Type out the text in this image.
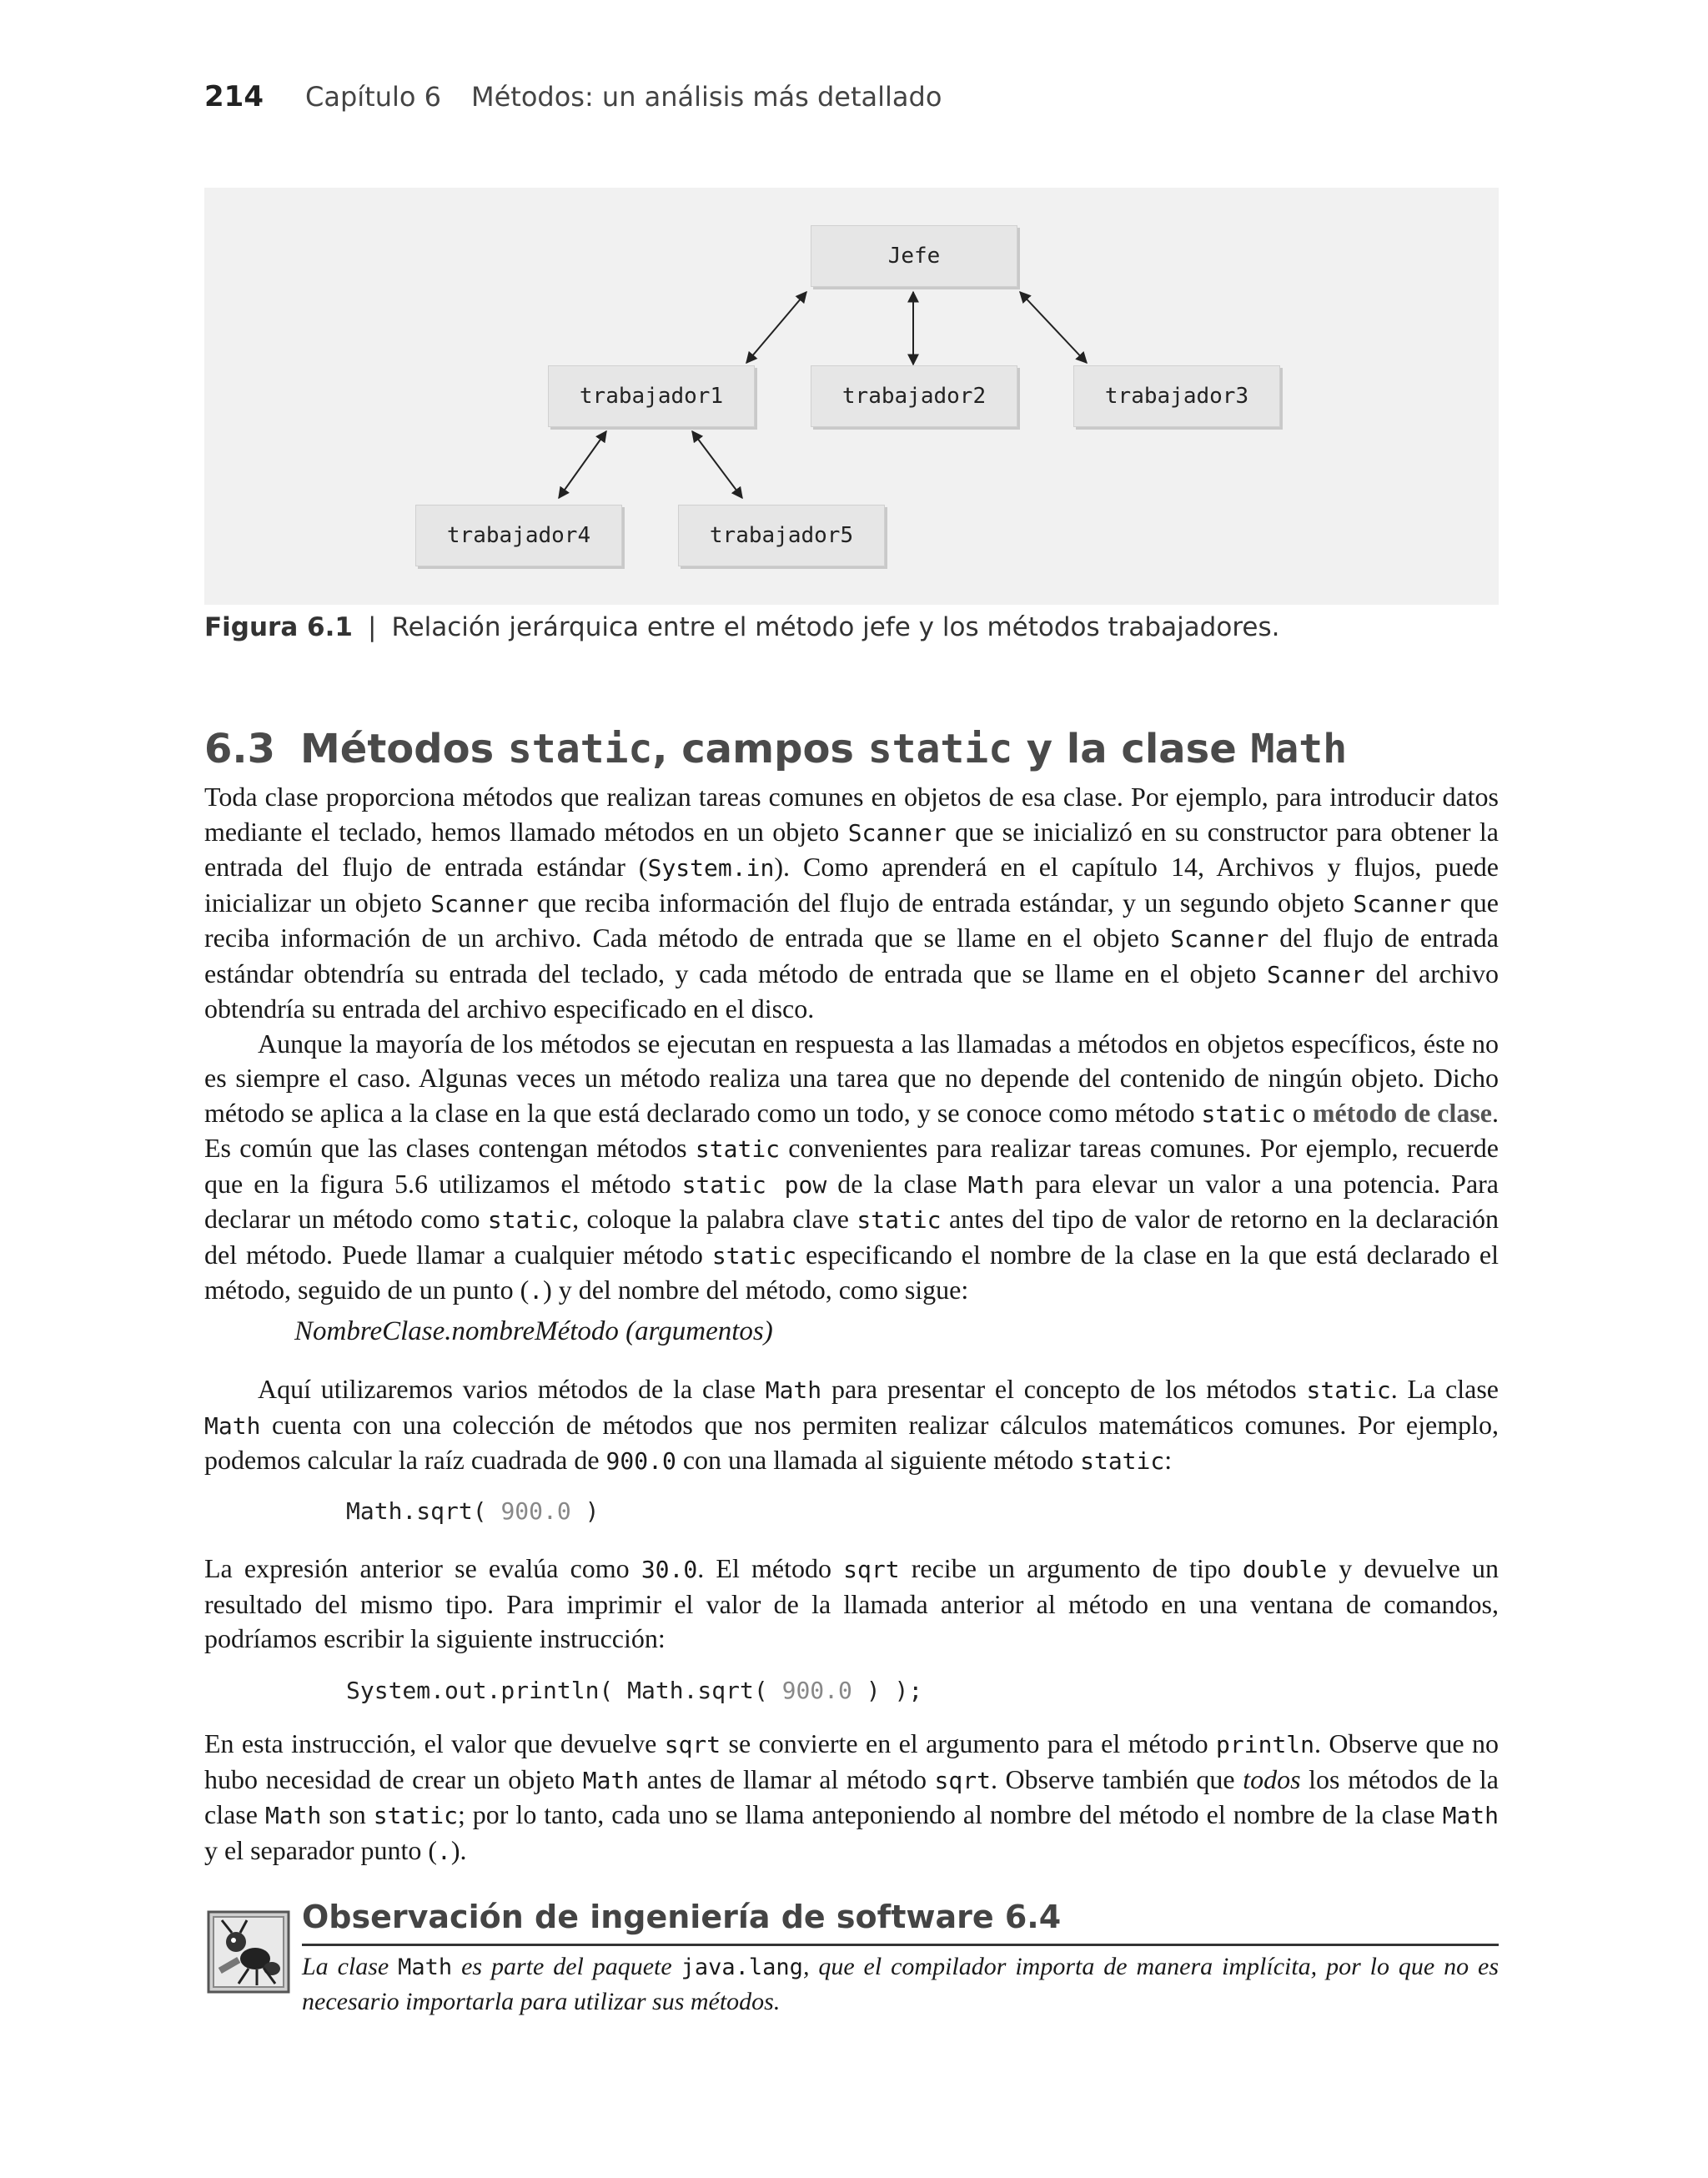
214 Capítulo 6 Métodos: un análisis más detallado
Jefe
trabajador1	trabajador2	trabajador3
trabajador4	trabajador5
Figura 6.1 | Relación jerárquica entre el método jefe y los métodos trabajadores.
6.3 Métodos static, campos static y la clase Math

Toda clase proporciona métodos que realizan tareas comunes en objetos de esa clase. Por ejemplo, para introducir datos mediante el teclado, hemos llamado métodos en un objeto Scanner que se inicializó en su constructor para obtener la entrada del flujo de entrada estándar (System.in). Como aprenderá en el capítulo 14, Archivos y flujos, puede inicializar un objeto Scanner que reciba información del flujo de entrada estándar, y un segundo objeto Scanner que reciba información de un archivo. Cada método de entrada que se llame en el objeto Scanner del flujo de entrada estándar obtendría su entrada del teclado, y cada método de entrada que se llame en el objeto Scanner del archivo obtendría su entrada del archivo especificado en el disco.

Aunque la mayoría de los métodos se ejecutan en respuesta a las llamadas a métodos en objetos específicos, éste no es siempre el caso. Algunas veces un método realiza una tarea que no depende del contenido de ningún objeto. Dicho método se aplica a la clase en la que está declarado como un todo, y se conoce como método static o método de clase. Es común que las clases contengan métodos static convenientes para realizar tareas comunes. Por ejemplo, recuerde que en la figura 5.6 utilizamos el método static pow de la clase Math para elevar un valor a una potencia. Para declarar un método como static, coloque la palabra clave static antes del tipo de valor de retorno en la declaración del método. Puede llamar a cualquier método static especificando el nombre de la clase en la que está declarado el método, seguido de un punto (.) y del nombre del método, como sigue:

NombreClase.nombreMétodo (argumentos)

Aquí utilizaremos varios métodos de la clase Math para presentar el concepto de los métodos static. La clase Math cuenta con una colección de métodos que nos permiten realizar cálculos matemáticos comunes. Por ejemplo, podemos calcular la raíz cuadrada de 900.0 con una llamada al siguiente método static:

Math.sqrt( 900.0 )

La expresión anterior se evalúa como 30.0. El método sqrt recibe un argumento de tipo double y devuelve un resultado del mismo tipo. Para imprimir el valor de la llamada anterior al método en una ventana de comandos, podríamos escribir la siguiente instrucción:

System.out.println( Math.sqrt( 900.0 ) );

En esta instrucción, el valor que devuelve sqrt se convierte en el argumento para el método println. Observe que no hubo necesidad de crear un objeto Math antes de llamar al método sqrt. Observe también que todos los métodos de la clase Math son static; por lo tanto, cada uno se llama anteponiendo al nombre del método el nombre de la clase Math y el separador punto (.).

Observación de ingeniería de software 6.4
La clase Math es parte del paquete java.lang, que el compilador importa de manera implícita, por lo que no es necesario importarla para utilizar sus métodos.
